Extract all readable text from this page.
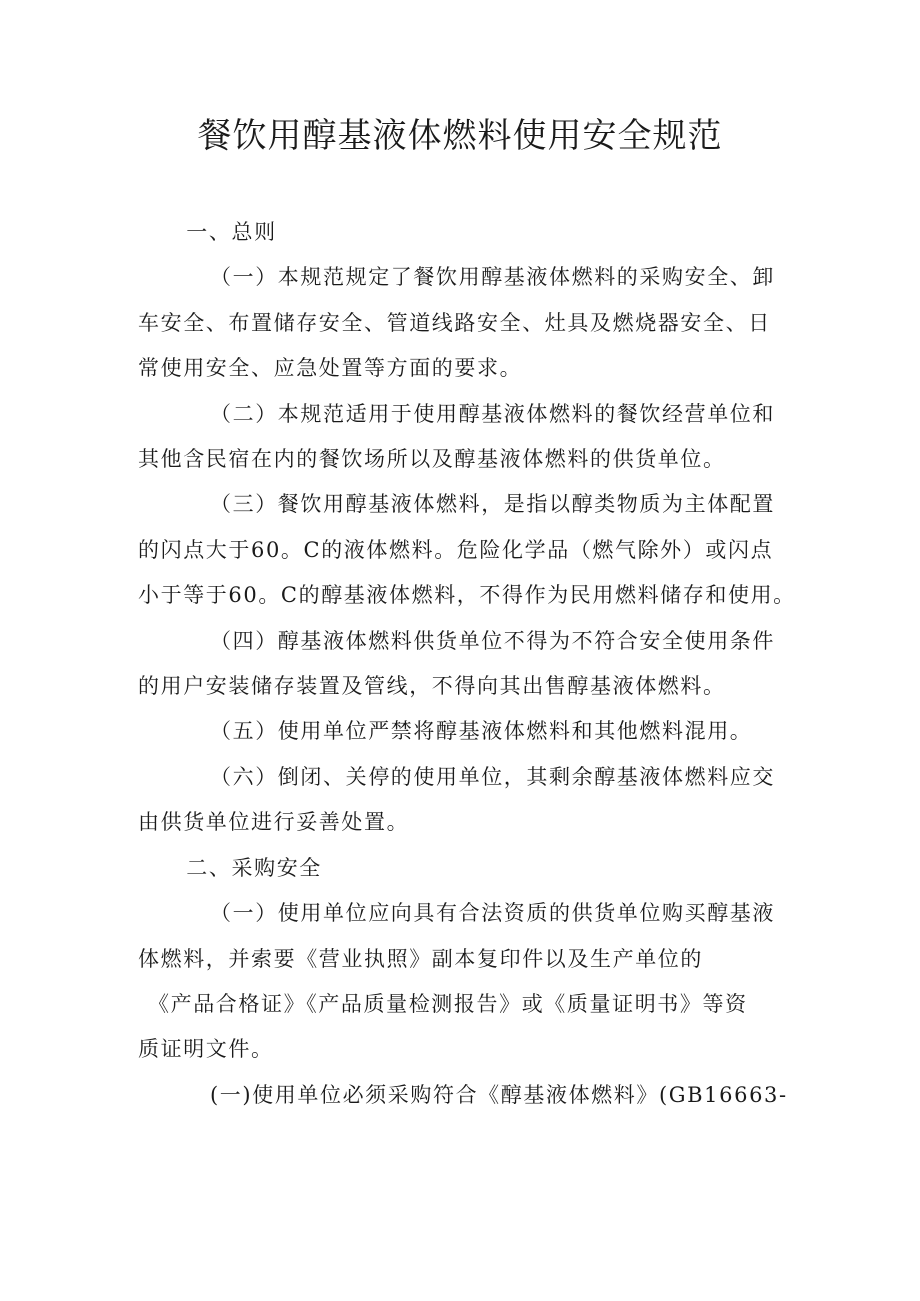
餐饮用醇基液体燃料使用安全规范

一、总则

（一）本规范规定了餐饮用醇基液体燃料的采购安全、卸
车安全、布置储存安全、管道线路安全、灶具及燃烧器安全、日
常使用安全、应急处置等方面的要求。

（二）本规范适用于使用醇基液体燃料的餐饮经营单位和
其他含民宿在内的餐饮场所以及醇基液体燃料的供货单位。

（三）餐饮用醇基液体燃料，是指以醇类物质为主体配置
的闪点大于60。C的液体燃料。危险化学品（燃气除外）或闪点
小于等于60。C的醇基液体燃料，不得作为民用燃料储存和使用。

（四）醇基液体燃料供货单位不得为不符合安全使用条件
的用户安装储存装置及管线，不得向其出售醇基液体燃料。

（五）使用单位严禁将醇基液体燃料和其他燃料混用。

（六）倒闭、关停的使用单位，其剩余醇基液体燃料应交
由供货单位进行妥善处置。

二、采购安全

（一）使用单位应向具有合法资质的供货单位购买醇基液
体燃料，并索要《营业执照》副本复印件以及生产单位的
《产品合格证》《产品质量检测报告》或《质量证明书》等资
质证明文件。

(一)使用单位必须采购符合《醇基液体燃料》(GB16663-
